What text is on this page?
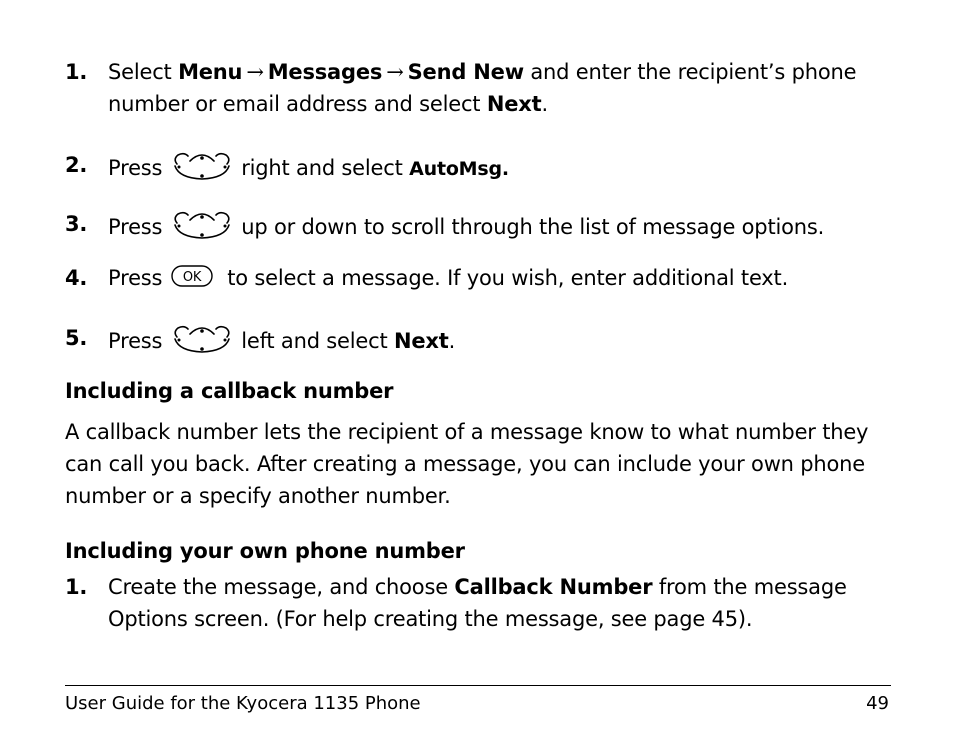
1. Select Menu → Messages → Send New and enter the recipient’s phone number or email address and select Next.
2. Press	right and select AutoMsg.
3. Press	up or down to scroll through the list of message options.
4. Press OK to select a message. If you wish, enter additional text.
5. Press	left and select Next.
Including a callback number

A callback number lets the recipient of a message know to what number they can call you back. After creating a message, you can include your own phone number or a specify another number.

Including your own phone number
1. Create the message, and choose Callback Number from the message Options screen. (For help creating the message, see page 45).
User Guide for the Kyocera 1135 Phone	49
